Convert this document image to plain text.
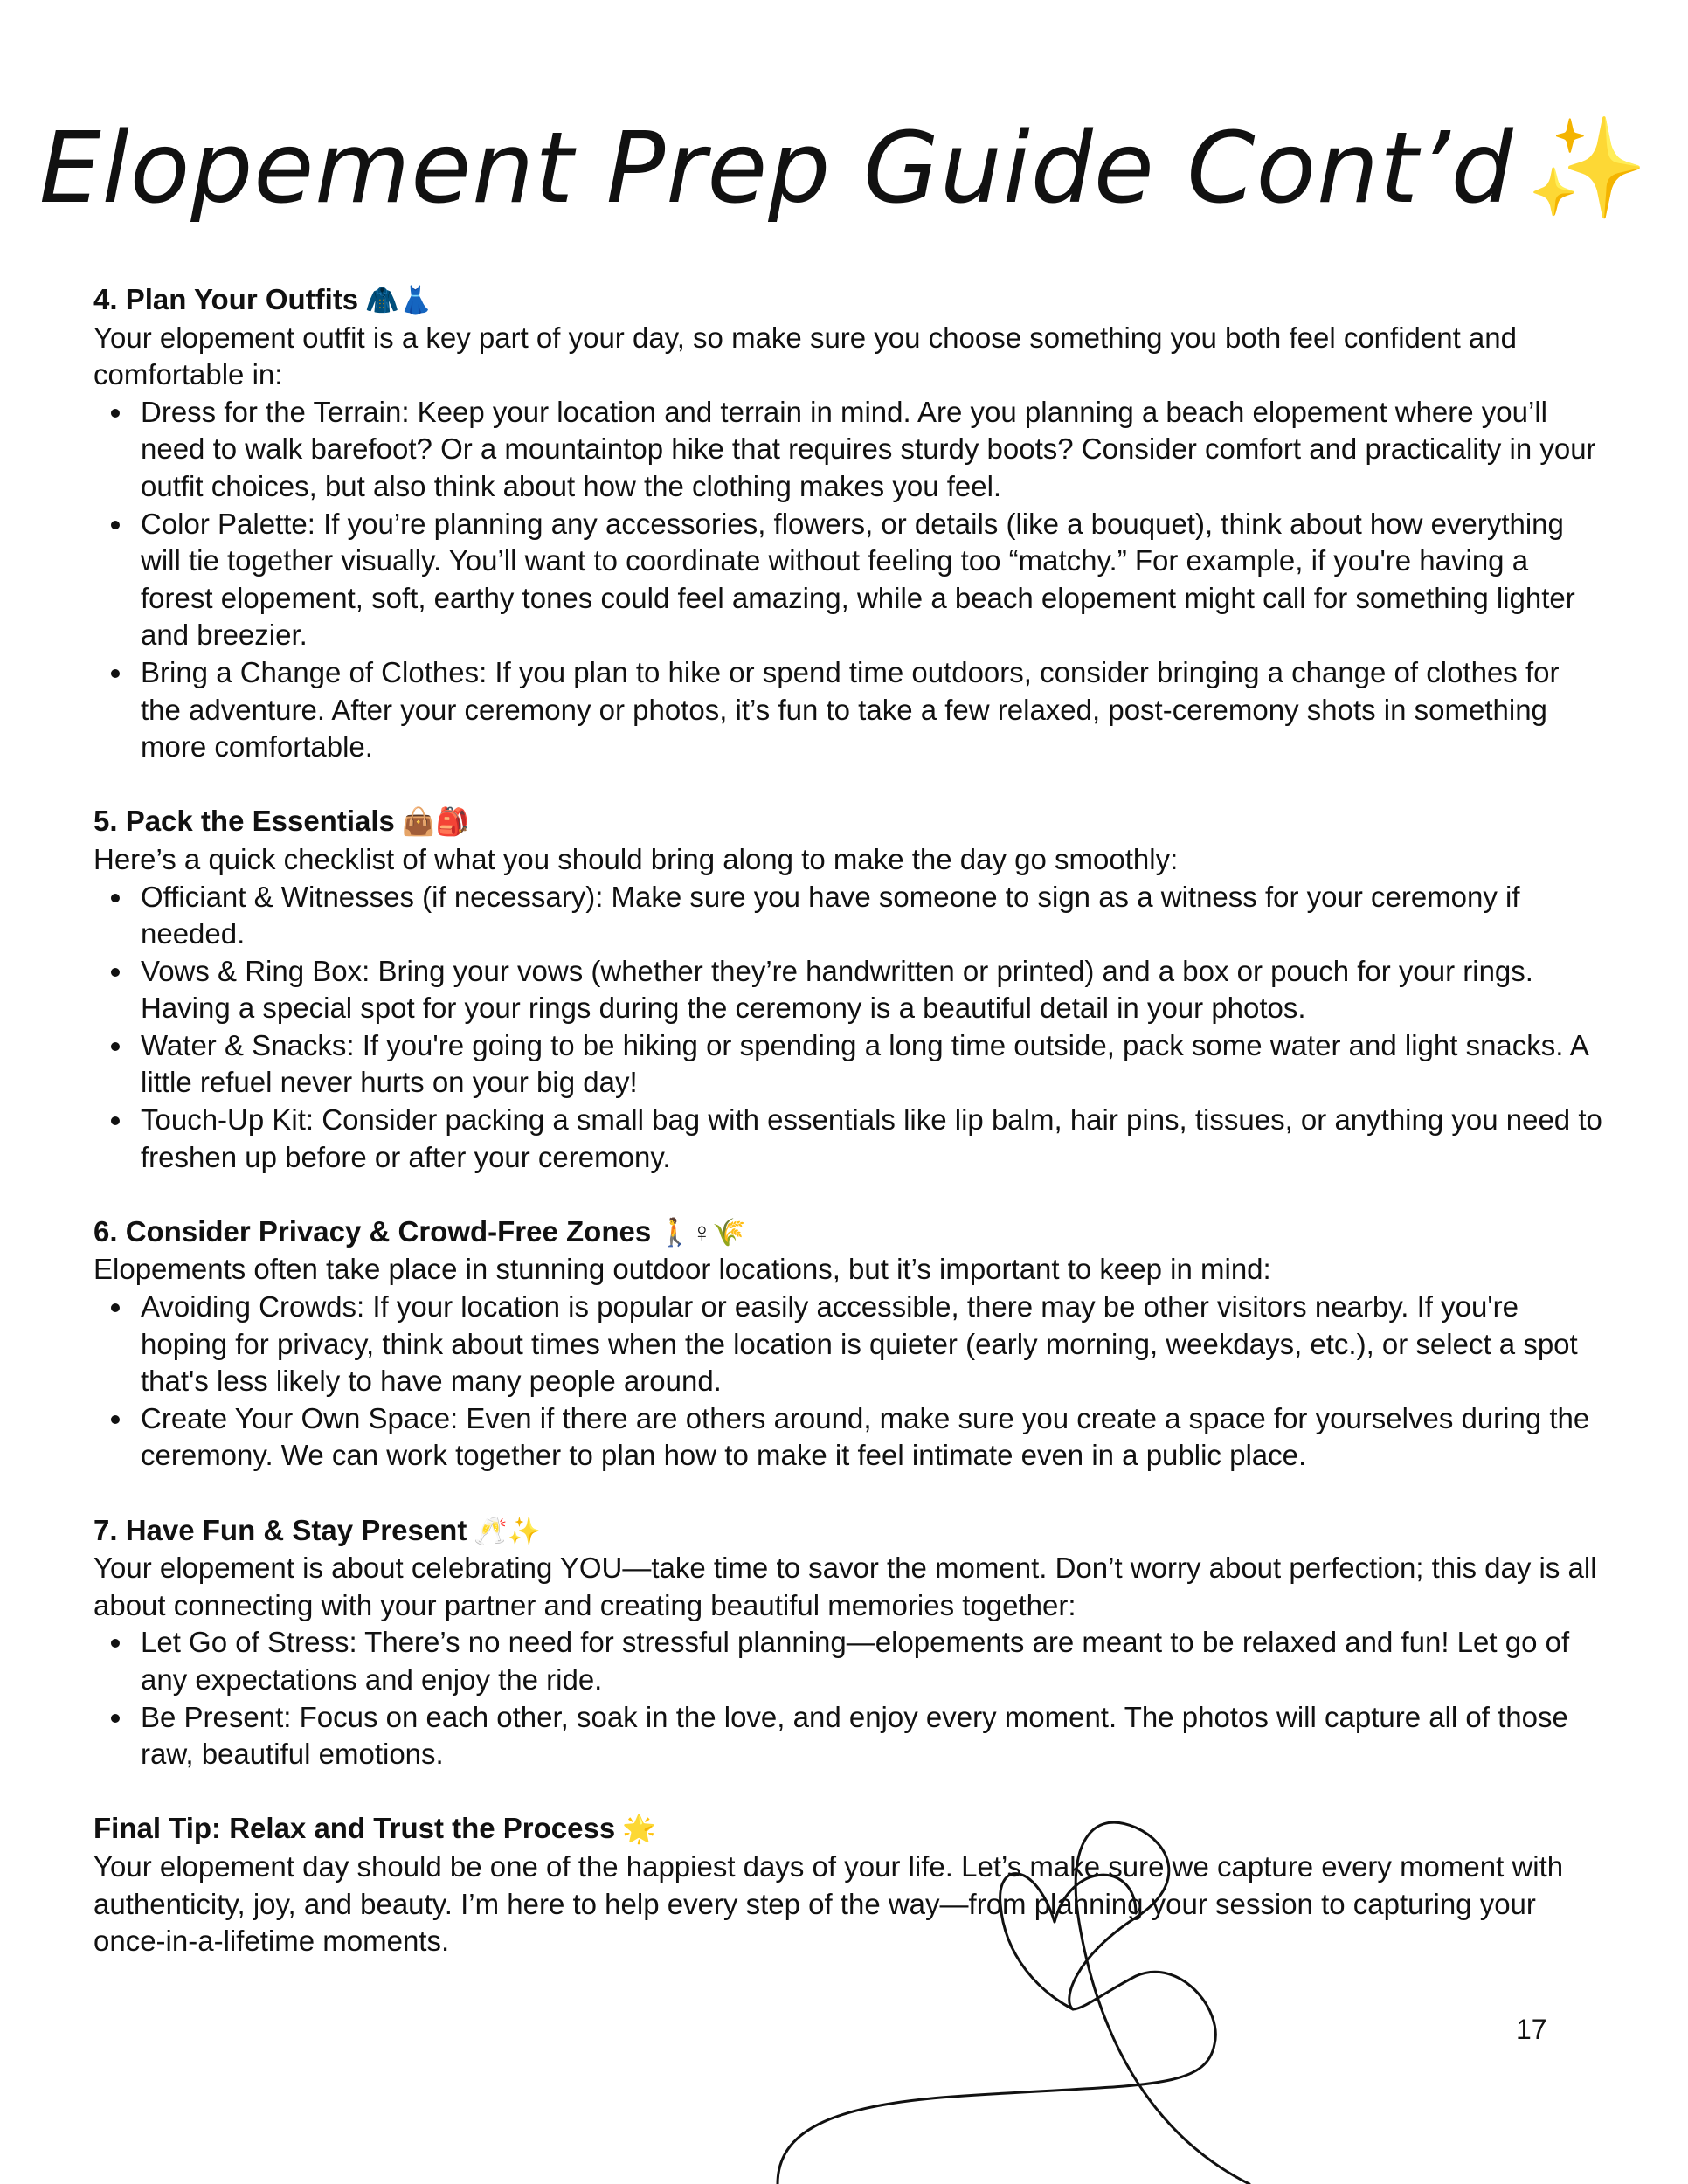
Elopement Prep Guide Cont’d ✨
4. Plan Your Outfits 🧥👗
Your elopement outfit is a key part of your day, so make sure you choose something you both feel confident and comfortable in:
Dress for the Terrain: Keep your location and terrain in mind. Are you planning a beach elopement where you’ll need to walk barefoot? Or a mountaintop hike that requires sturdy boots? Consider comfort and practicality in your outfit choices, but also think about how the clothing makes you feel.
Color Palette: If you’re planning any accessories, flowers, or details (like a bouquet), think about how everything will tie together visually. You’ll want to coordinate without feeling too “matchy.” For example, if you're having a forest elopement, soft, earthy tones could feel amazing, while a beach elopement might call for something lighter and breezier.
Bring a Change of Clothes: If you plan to hike or spend time outdoors, consider bringing a change of clothes for the adventure. After your ceremony or photos, it’s fun to take a few relaxed, post-ceremony shots in something more comfortable.
5. Pack the Essentials 👜🎒
Here’s a quick checklist of what you should bring along to make the day go smoothly:
Officiant & Witnesses (if necessary): Make sure you have someone to sign as a witness for your ceremony if needed.
Vows & Ring Box: Bring your vows (whether they’re handwritten or printed) and a box or pouch for your rings. Having a special spot for your rings during the ceremony is a beautiful detail in your photos.
Water & Snacks: If you're going to be hiking or spending a long time outside, pack some water and light snacks. A little refuel never hurts on your big day!
Touch-Up Kit: Consider packing a small bag with essentials like lip balm, hair pins, tissues, or anything you need to freshen up before or after your ceremony.
6. Consider Privacy & Crowd-Free Zones 🚶♀🌾
Elopements often take place in stunning outdoor locations, but it’s important to keep in mind:
Avoiding Crowds: If your location is popular or easily accessible, there may be other visitors nearby. If you're hoping for privacy, think about times when the location is quieter (early morning, weekdays, etc.), or select a spot that's less likely to have many people around.
Create Your Own Space: Even if there are others around, make sure you create a space for yourselves during the ceremony. We can work together to plan how to make it feel intimate even in a public place.
7. Have Fun & Stay Present 🥂✨
Your elopement is about celebrating YOU—take time to savor the moment. Don’t worry about perfection; this day is all about connecting with your partner and creating beautiful memories together:
Let Go of Stress: There’s no need for stressful planning—elopements are meant to be relaxed and fun! Let go of any expectations and enjoy the ride.
Be Present: Focus on each other, soak in the love, and enjoy every moment. The photos will capture all of those raw, beautiful emotions.
Final Tip: Relax and Trust the Process 🌟
Your elopement day should be one of the happiest days of your life. Let’s make sure we capture every moment with authenticity, joy, and beauty. I’m here to help every step of the way—from planning your session to capturing your once-in-a-lifetime moments.
17
